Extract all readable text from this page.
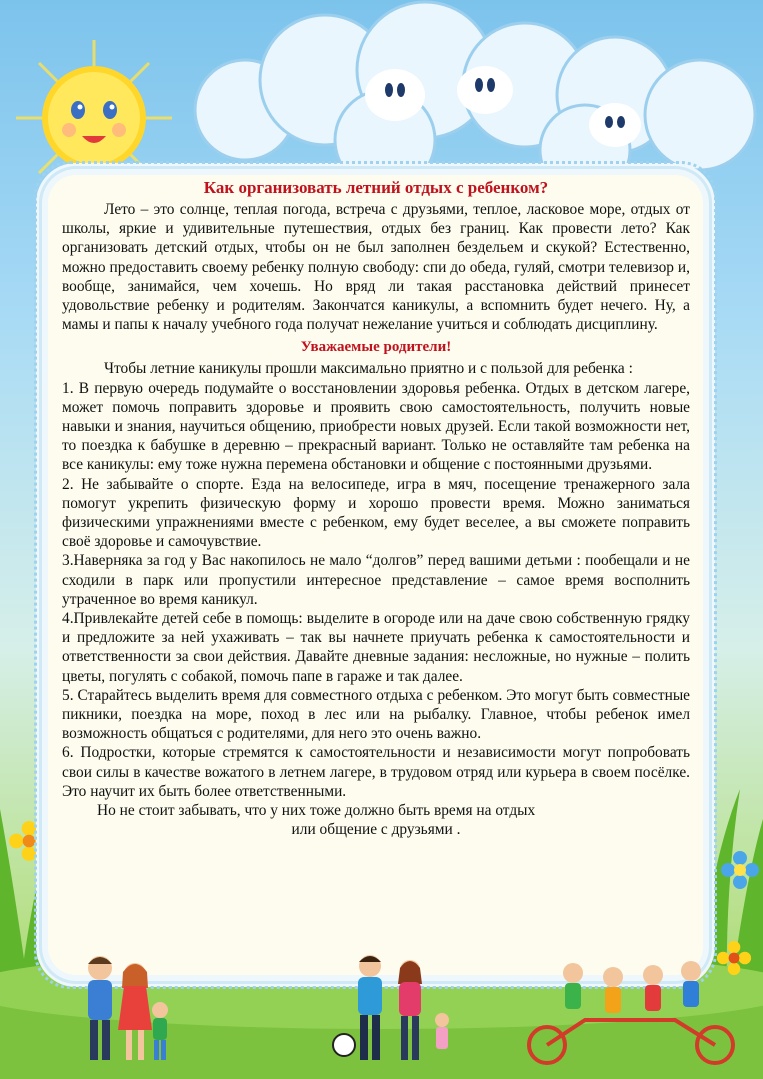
Как организовать летний отдых с ребенком?

Лето – это солнце, теплая погода, встреча с друзьями, теплое, ласковое море, отдых от школы, яркие и удивительные путешествия, отдых без границ. Как провести лето? Как организовать детский отдых, чтобы он не был заполнен бездельем и скукой? Естественно, можно предоставить своему ребенку полную свободу: спи до обеда, гуляй, смотри телевизор и, вообще, занимайся, чем хочешь. Но вряд ли такая расстановка действий принесет удовольствие ребенку и родителям. Закончатся каникулы, а вспомнить будет нечего. Ну, а мамы и папы к началу учебного года получат нежелание учиться и соблюдать дисциплину.

Уважаемые родители!

Чтобы летние каникулы прошли максимально приятно и с пользой для ребенка :

1. В первую очередь подумайте о восстановлении здоровья ребенка. Отдых в детском лагере, может помочь поправить здоровье и проявить свою самостоятельность, получить новые навыки и знания, научиться общению, приобрести новых друзей. Если такой возможности нет, то поездка к бабушке в деревню – прекрасный вариант. Только не оставляйте там ребенка на все каникулы: ему тоже нужна перемена обстановки и общение с постоянными друзьями.

2. Не забывайте о спорте. Езда на велосипеде, игра в мяч, посещение тренажерного зала помогут укрепить физическую форму и хорошо провести время. Можно заниматься физическими упражнениями вместе с ребенком, ему будет веселее, а вы сможете поправить своё здоровье и самочувствие.

3.Наверняка за год у Вас накопилось не мало “долгов” перед вашими детьми : пообещали и не сходили в парк или пропустили интересное представление – самое время восполнить утраченное во время каникул.

4.Привлекайте детей себе в помощь: выделите в огороде или на даче свою собственную грядку и предложите за ней ухаживать – так вы начнете приучать ребенка к самостоятельности и ответственности за свои действия. Давайте дневные задания: несложные, но нужные – полить цветы, погулять с собакой, помочь папе в гараже и так далее.

5. Старайтесь выделить время для совместного отдыха с ребенком. Это могут быть совместные пикники, поездка на море, поход в лес или на рыбалку. Главное, чтобы ребенок имел возможность общаться с родителями, для него это очень важно.

6. Подростки, которые стремятся к самостоятельности и независимости могут попробовать свои силы в качестве вожатого в летнем лагере, в трудовом отряд или курьера в своем посёлке. Это научит их быть более ответственными.

Но не стоит забывать, что у них тоже должно быть время на отдых

или общение с друзьями .
